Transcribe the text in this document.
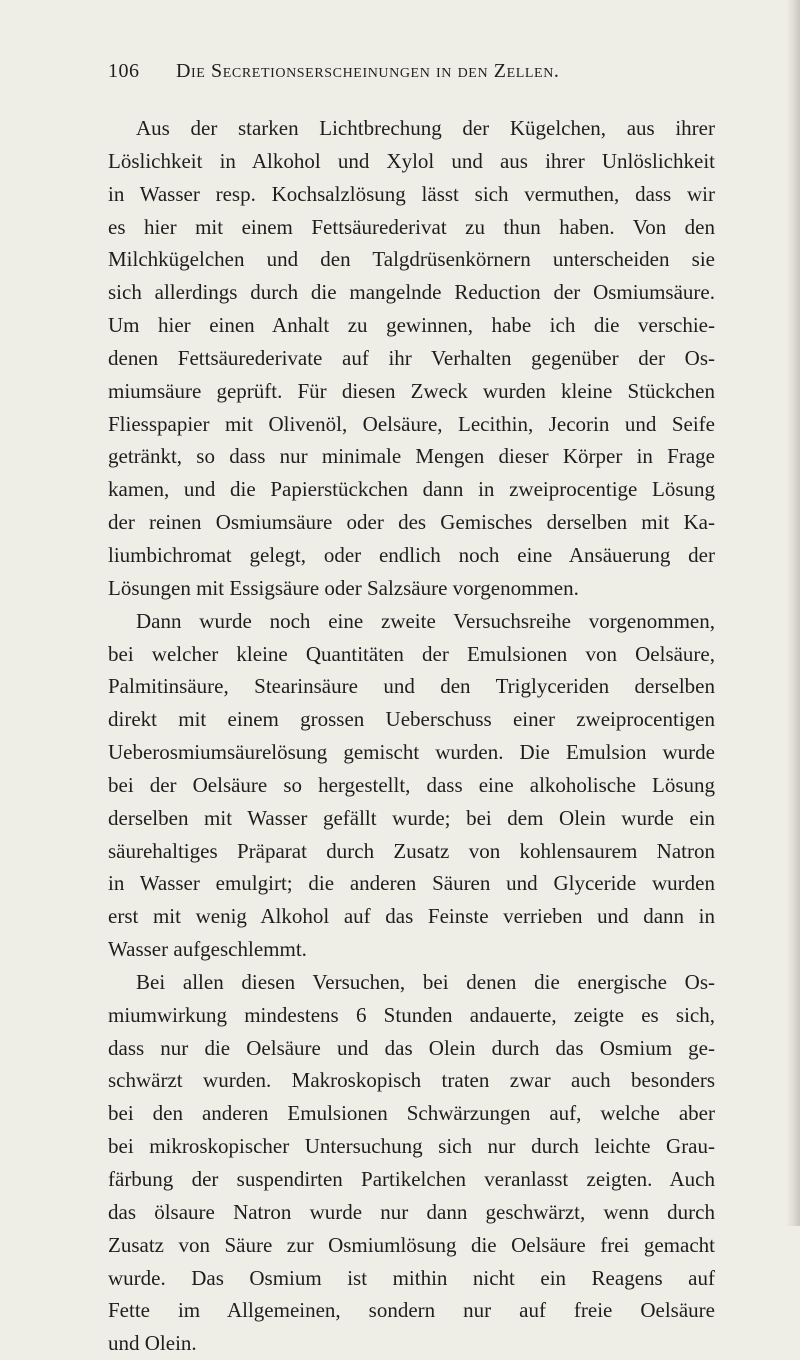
106 Die Secretionserscheinungen in den Zellen.
Aus der starken Lichtbrechung der Kügelchen, aus ihrer
Löslichkeit in Alkohol und Xylol und aus ihrer Unlöslichkeit
in Wasser resp. Kochsalzlösung lässt sich vermuthen, dass wir
es hier mit einem Fettsäurederivat zu thun haben. Von den
Milchkügelchen und den Talgdrüsenkörnern unterscheiden sie
sich allerdings durch die mangelnde Reduction der Osmiumsäure.
Um hier einen Anhalt zu gewinnen, habe ich die verschie-
denen Fettsäurederivate auf ihr Verhalten gegenüber der Os-
miumsäure geprüft. Für diesen Zweck wurden kleine Stückchen
Fliesspapier mit Olivenöl, Oelsäure, Lecithin, Jecorin und Seife
getränkt, so dass nur minimale Mengen dieser Körper in Frage
kamen, und die Papierstückchen dann in zweiprocentige Lösung
der reinen Osmiumsäure oder des Gemisches derselben mit Ka-
liumbichromat gelegt, oder endlich noch eine Ansäuerung der
Lösungen mit Essigsäure oder Salzsäure vorgenommen.
Dann wurde noch eine zweite Versuchsreihe vorgenommen,
bei welcher kleine Quantitäten der Emulsionen von Oelsäure,
Palmitinsäure, Stearinsäure und den Triglyceriden derselben
direkt mit einem grossen Ueberschuss einer zweiprocentigen
Ueberosmiumsäurelösung gemischt wurden. Die Emulsion wurde
bei der Oelsäure so hergestellt, dass eine alkoholische Lösung
derselben mit Wasser gefällt wurde; bei dem Olein wurde ein
säurehaltiges Präparat durch Zusatz von kohlensaurem Natron
in Wasser emulgirt; die anderen Säuren und Glyceride wurden
erst mit wenig Alkohol auf das Feinste verrieben und dann in
Wasser aufgeschlemmt.
Bei allen diesen Versuchen, bei denen die energische Os-
miumwirkung mindestens 6 Stunden andauerte, zeigte es sich,
dass nur die Oelsäure und das Olein durch das Osmium ge-
schwärzt wurden. Makroskopisch traten zwar auch besonders
bei den anderen Emulsionen Schwärzungen auf, welche aber
bei mikroskopischer Untersuchung sich nur durch leichte Grau-
färbung der suspendirten Partikelchen veranlasst zeigten. Auch
das ölsaure Natron wurde nur dann geschwärzt, wenn durch
Zusatz von Säure zur Osmiumlösung die Oelsäure frei gemacht
wurde. Das Osmium ist mithin nicht ein Reagens auf
Fette im Allgemeinen, sondern nur auf freie Oelsäure
und Olein.
